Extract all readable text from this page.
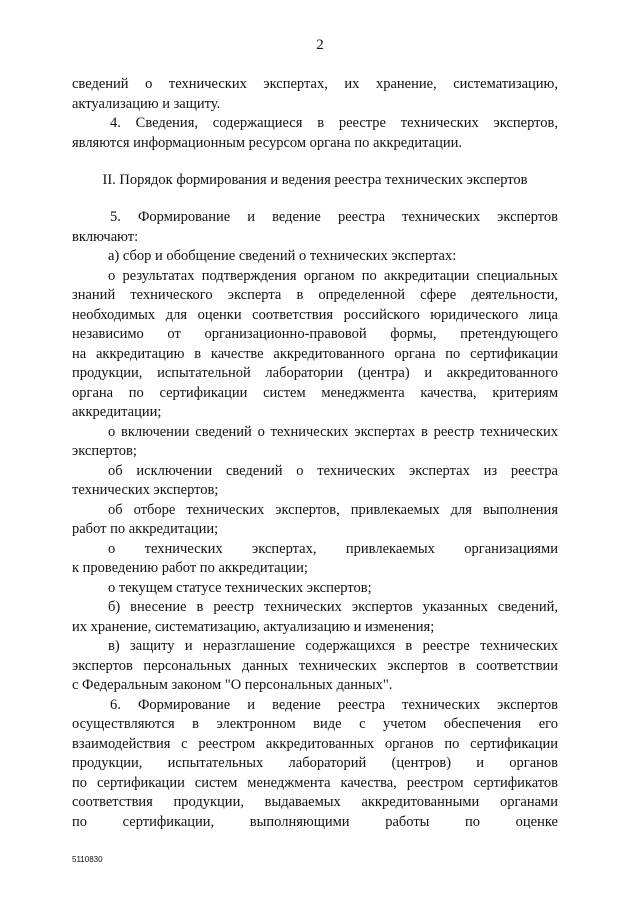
2
сведений о технических экспертах, их хранение, систематизацию,
актуализацию и защиту.
4. Сведения, содержащиеся в реестре технических экспертов,
являются информационным ресурсом органа по аккредитации.
II. Порядок формирования и ведения реестра технических экспертов
5. Формирование и ведение реестра технических экспертов
включают:
а) сбор и обобщение сведений о технических экспертах:
о результатах подтверждения органом по аккредитации специальных
знаний технического эксперта в определенной сфере деятельности,
необходимых для оценки соответствия российского юридического лица
независимо от организационно-правовой формы, претендующего
на аккредитацию в качестве аккредитованного органа по сертификации
продукции, испытательной лаборатории (центра) и аккредитованного
органа по сертификации систем менеджмента качества, критериям
аккредитации;
о включении сведений о технических экспертах в реестр технических
экспертов;
об исключении сведений о технических экспертах из реестра
технических экспертов;
об отборе технических экспертов, привлекаемых для выполнения
работ по аккредитации;
о технических экспертах, привлекаемых организациями
к проведению работ по аккредитации;
о текущем статусе технических экспертов;
б) внесение в реестр технических экспертов указанных сведений,
их хранение, систематизацию, актуализацию и изменения;
в) защиту и неразглашение содержащихся в реестре технических
экспертов персональных данных технических экспертов в соответствии
с Федеральным законом "О персональных данных".
6. Формирование и ведение реестра технических экспертов
осуществляются в электронном виде с учетом обеспечения его
взаимодействия с реестром аккредитованных органов по сертификации
продукции, испытательных лабораторий (центров) и органов
по сертификации систем менеджмента качества, реестром сертификатов
соответствия продукции, выдаваемых аккредитованными органами
по сертификации, выполняющими работы по оценке
5110830
